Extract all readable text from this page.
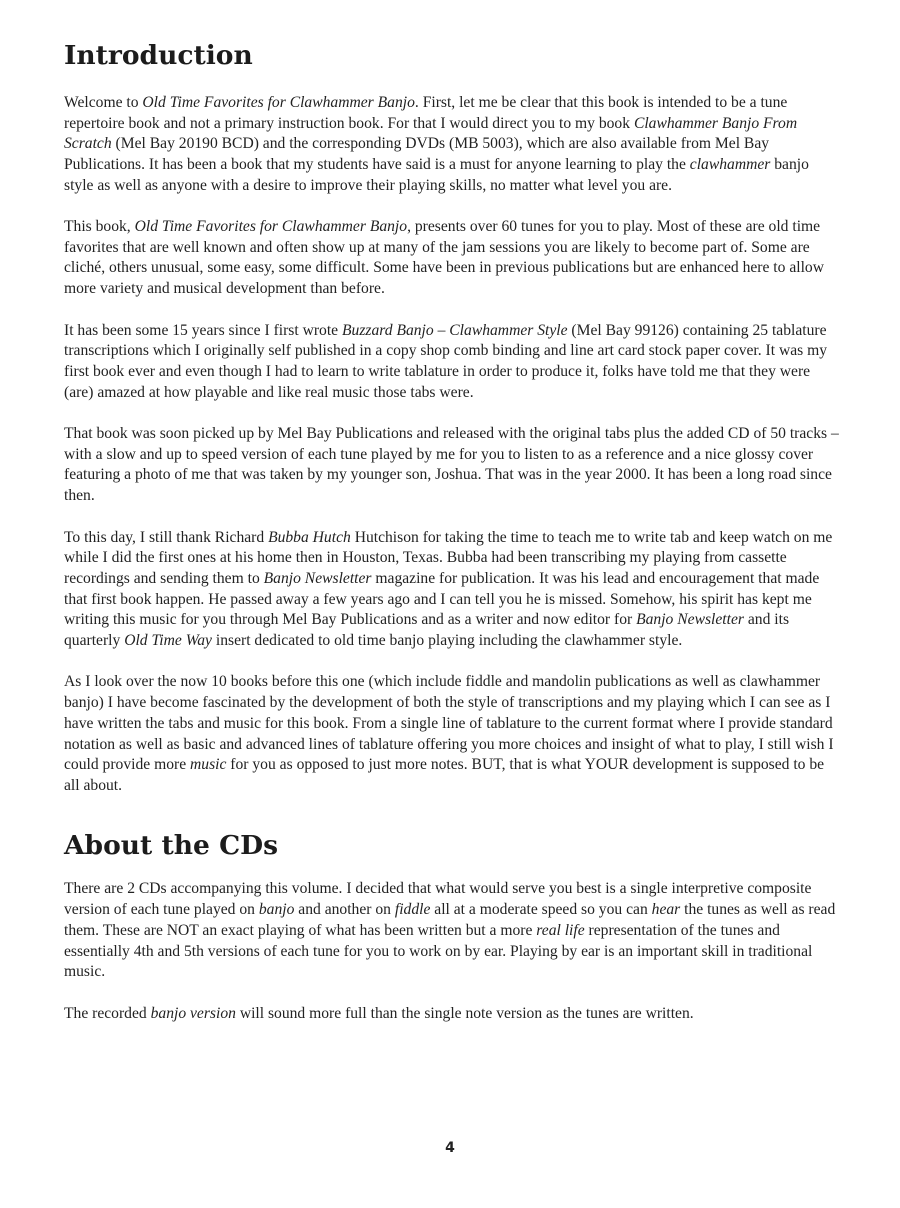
Introduction

Welcome to Old Time Favorites for Clawhammer Banjo. First, let me be clear that this book is intended to be a tune repertoire book and not a primary instruction book. For that I would direct you to my book Clawhammer Banjo From Scratch (Mel Bay 20190 BCD) and the corresponding DVDs (MB 5003), which are also available from Mel Bay Publications. It has been a book that my students have said is a must for anyone learning to play the clawhammer banjo style as well as anyone with a desire to improve their playing skills, no matter what level you are.

This book, Old Time Favorites for Clawhammer Banjo, presents over 60 tunes for you to play. Most of these are old time favorites that are well known and often show up at many of the jam sessions you are likely to become part of. Some are cliché, others unusual, some easy, some difficult. Some have been in previous publications but are enhanced here to allow more variety and musical development than before.

It has been some 15 years since I first wrote Buzzard Banjo – Clawhammer Style (Mel Bay 99126) containing 25 tablature transcriptions which I originally self published in a copy shop comb binding and line art card stock paper cover. It was my first book ever and even though I had to learn to write tablature in order to produce it, folks have told me that they were (are) amazed at how playable and like real music those tabs were.

That book was soon picked up by Mel Bay Publications and released with the original tabs plus the added CD of 50 tracks – with a slow and up to speed version of each tune played by me for you to listen to as a reference and a nice glossy cover featuring a photo of me that was taken by my younger son, Joshua. That was in the year 2000. It has been a long road since then.

To this day, I still thank Richard Bubba Hutch Hutchison for taking the time to teach me to write tab and keep watch on me while I did the first ones at his home then in Houston, Texas. Bubba had been transcribing my playing from cassette recordings and sending them to Banjo Newsletter magazine for publication. It was his lead and encouragement that made that first book happen. He passed away a few years ago and I can tell you he is missed. Somehow, his spirit has kept me writing this music for you through Mel Bay Publications and as a writer and now editor for Banjo Newsletter and its quarterly Old Time Way insert dedicated to old time banjo playing including the clawhammer style.

As I look over the now 10 books before this one (which include fiddle and mandolin publications as well as clawhammer banjo) I have become fascinated by the development of both the style of transcriptions and my playing which I can see as I have written the tabs and music for this book. From a single line of tablature to the current format where I provide standard notation as well as basic and advanced lines of tablature offering you more choices and insight of what to play, I still wish I could provide more music for you as opposed to just more notes. BUT, that is what YOUR development is supposed to be all about.

About the CDs

There are 2 CDs accompanying this volume. I decided that what would serve you best is a single interpretive composite version of each tune played on banjo and another on fiddle all at a moderate speed so you can hear the tunes as well as read them. These are NOT an exact playing of what has been written but a more real life representation of the tunes and essentially 4th and 5th versions of each tune for you to work on by ear. Playing by ear is an important skill in traditional music.

The recorded banjo version will sound more full than the single note version as the tunes are written.

4
